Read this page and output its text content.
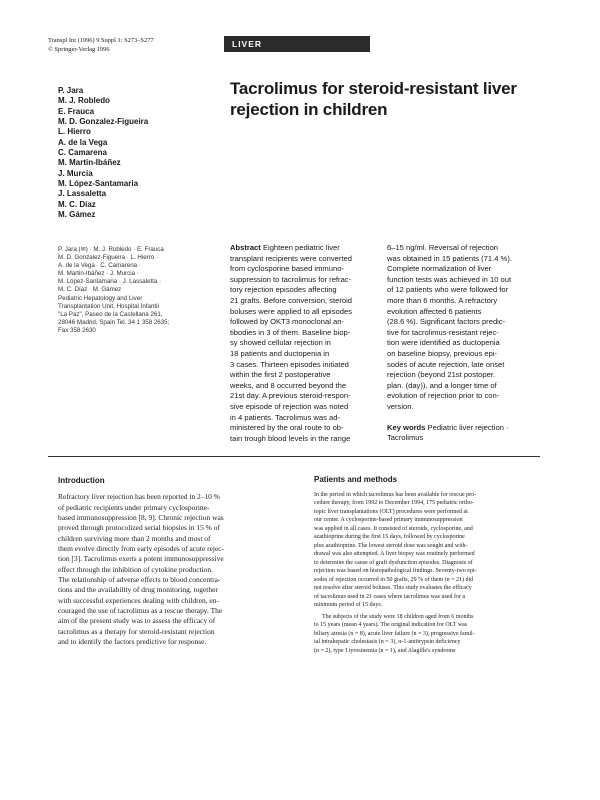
Transpl Int (1996) 9 Suppl 1: S273–S277
© Springer-Verlag 1996
LIVER
Tacrolimus for steroid-resistant liver
rejection in children
P. Jara
M. J. Robledo
E. Frauca
M. D. Gonzalez-Figueira
L. Hierro
A. de la Vega
C. Camarena
M. Martin-Ibáñez
J. Murcia
M. López-Santamaria
J. Lassaletta
M. C. Díaz
M. Gámez
P. Jara (✉) · M. J. Robledo · E. Frauca
M. D. Gonzalez-Figueira · L. Hierro ·
A. de la Vega · C. Camarena ·
M. Martin-Ibáñez · J. Murcia ·
M. López-Santamaria · J. Lassaletta ·
M. C. Díaz · M. Gámez
Pediatric Hepatology and Liver
Transplantation Unit, Hospital Infantil
"La Paz", Paseo de la Castellana 261,
28046 Madrid, Spain Tel. 34 1 358 2635;
Fax 358 2630
Abstract Eighteen pediatric liver
transplant recipients were converted
from cyclosporine based immuno-
suppression to tacrolimus for refrac-
tory rejection episodes affecting
21 grafts. Before conversion, steroid
boluses were applied to all episodes
followed by OKT3 monoclonal an-
tibodies in 3 of them. Baseline biop-
sy showed cellular rejection in
18 patients and ductopenia in
3 cases. Thirteen episodes initiated
within the first 2 postoperative
weeks, and 8 occurred beyond the
21st day. A previous steroid-respon-
sive episode of rejection was noted
in 4 patients. Tacrolimus was ad-
ministered by the oral route to ob-
tain trough blood levels in the range
6–15 ng/ml. Reversal of rejection
was obtained in 15 patients (71.4 %).
Complete normalization of liver
function tests was achieved in 10 out
of 12 patients who were followed for
more than 6 months. A refractory
evolution affected 6 patients
(28.6 %). Significant factors predic-
tive for tacrolimus-resistant rejec-
tion were identified as ductopenia
on baseline biopsy, previous epi-
sodes of acute rejection, late onset
rejection (beyond 21st postoper.
plan. (day)), and a longer time of
evolution of rejection prior to con-
version.
Key words Pediatric liver rejection ·
Tacrolimus
Introduction
Refractory liver rejection has been reported in 2–10 %
of pediatric recipients under primary cyclosporine-
based immunosuppression [8, 9]. Chronic rejection was
proved through protocolized serial biopsies in 15 % of
children surviving more than 2 months and most of
them evolve directly from early episodes of acute rejec-
tion [3]. Tacrolimus exerts a potent immunosuppressive
effect through the inhibition of cytokine production.
The relationship of adverse effects to blood concentra-
tions and the availability of drug monitoring, together
with successful experiences dealing with children, en-
couraged the use of tacrolimus as a rescue therapy. The
aim of the present study was to assess the efficacy of
tacrolimus as a therapy for steroid-resistant rejection
and to identify the factors predictive for response.
Patients and methods
In the period in which tacrolimus has been available for rescue pro-
cedure therapy, from 1992 to December 1994, 175 pediatric ortho-
topic liver transplantations (OLT) procedures were performed at
our center. A cyclosporine-based primary immunosuppression
was applied in all cases. It consisted of steroids, cyclosporine, and
azathioprine during the first 15 days, followed by cyclosporine
plus azathioprine. The lowest steroid dose was sought and with-
drawal was also attempted. A liver biopsy was routinely performed
to determine the cause of graft dysfunction episodes. Diagnosis of
rejection was based on histopathological findings. Seventy-two epi-
sodes of rejection occurred in 50 grafts, 29 % of them (n = 21) did
not resolve after steroid boluses. This study evaluates the efficacy
of tacrolimus used in 21 cases where tacrolimus was used for a
minimum period of 15 days.
The subjects of the study were 18 children aged from 6 months
to 15 years (mean 4 years). The original indication for OLT was
biliary atresia (n = 8), acute liver failure (n = 3), progressive famil-
ial intrahepatic cholestasis (n = 3), α-1-antitrypsin deficiency
(n = 2), type I tyrosinemia (n = 1), and Alagille's syndrome
